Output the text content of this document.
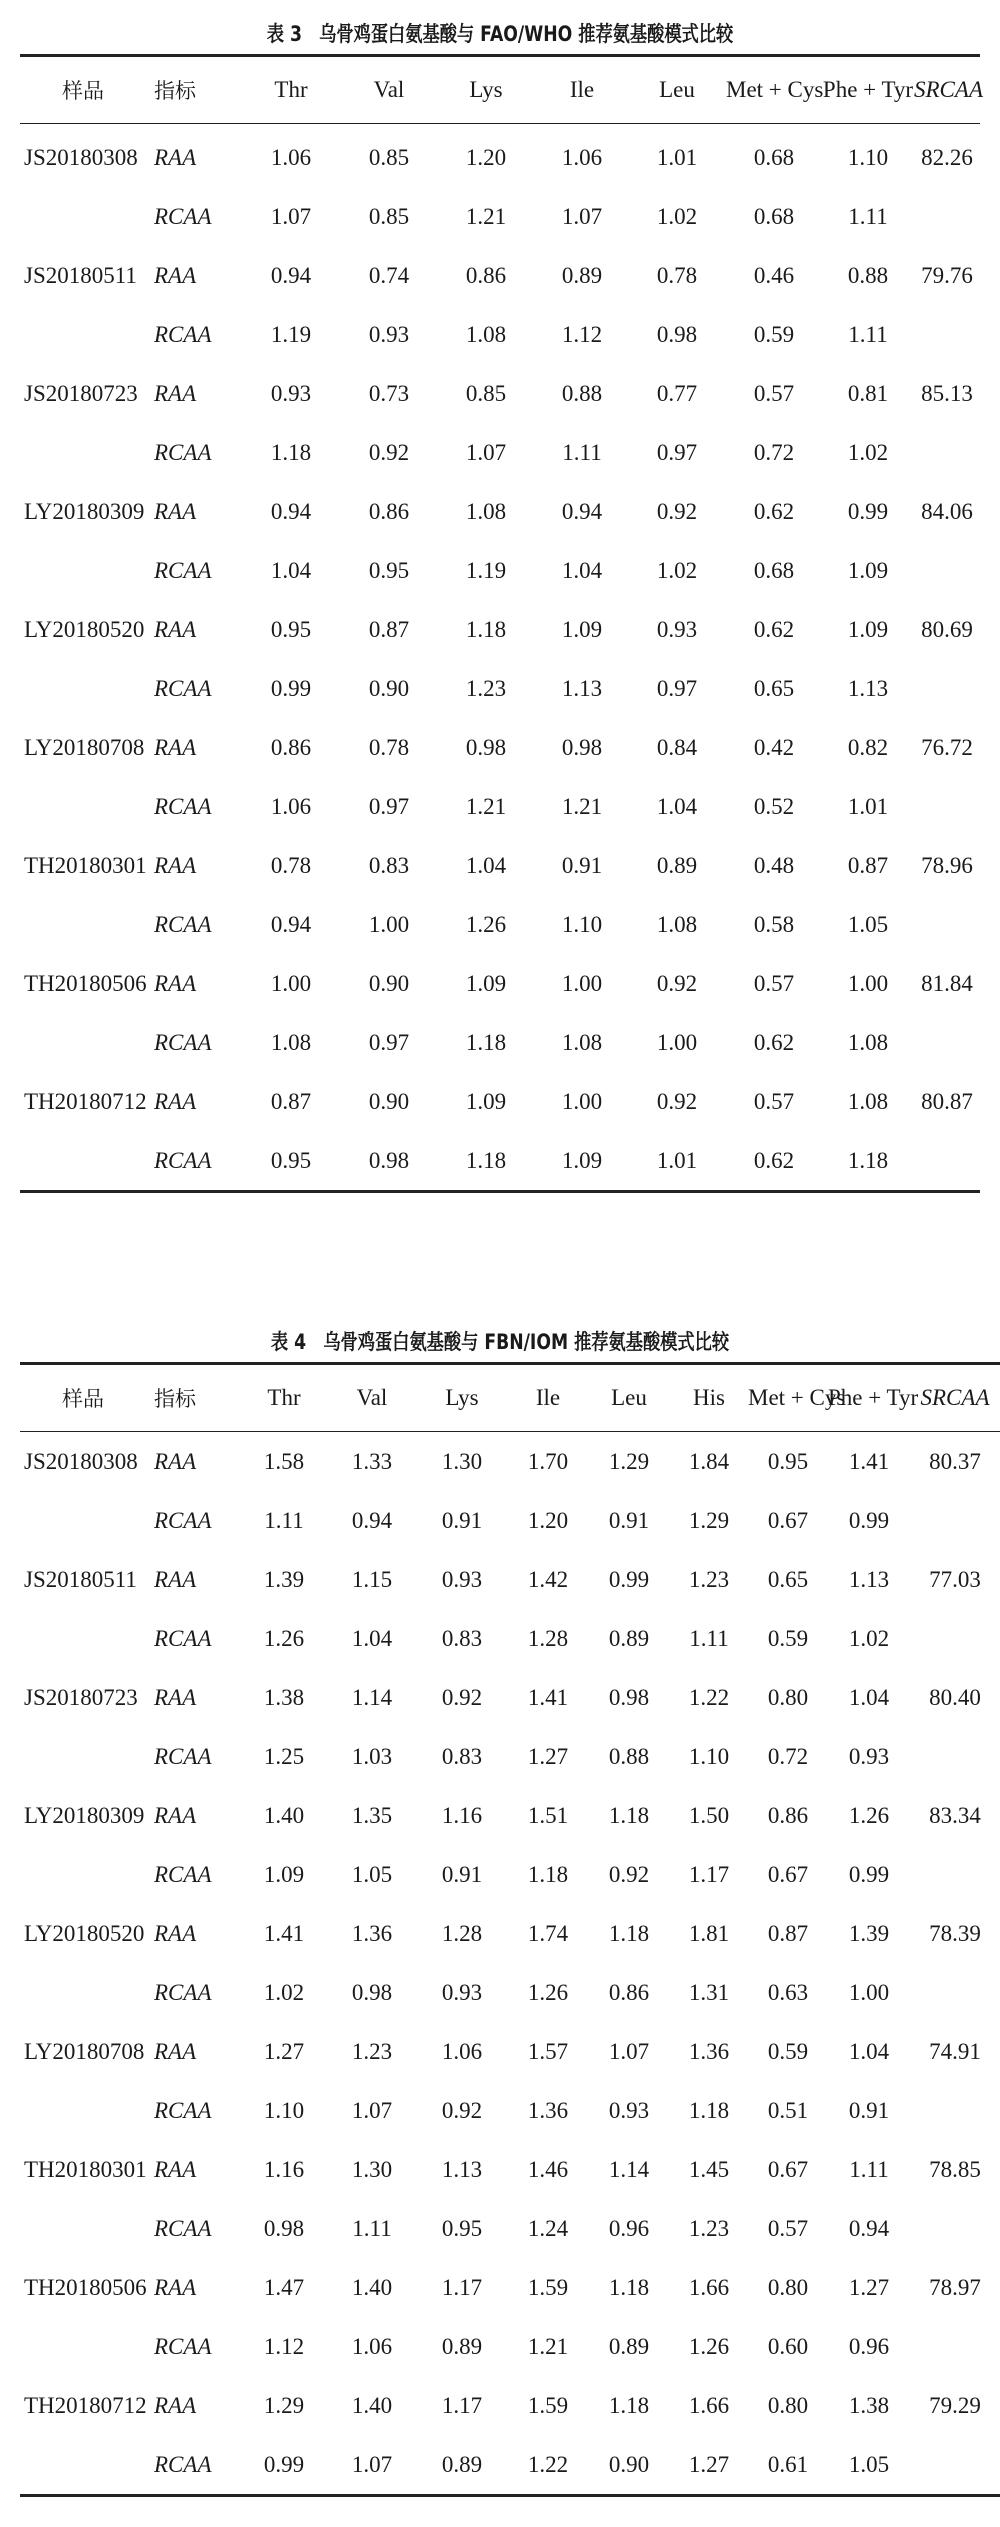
表 3　乌骨鸡蛋白氨基酸与 FAO/WHO 推荐氨基酸模式比较
样品	指标	Thr	Val	Lys	Ile	Leu	Met + Cys	Phe + Tyr	SRCAA
JS20180308	RAA	1.06	0.85	1.20	1.06	1.01	0.68	1.10	82.26
	RCAA	1.07	0.85	1.21	1.07	1.02	0.68	1.11	
JS20180511	RAA	0.94	0.74	0.86	0.89	0.78	0.46	0.88	79.76
	RCAA	1.19	0.93	1.08	1.12	0.98	0.59	1.11	
JS20180723	RAA	0.93	0.73	0.85	0.88	0.77	0.57	0.81	85.13
	RCAA	1.18	0.92	1.07	1.11	0.97	0.72	1.02	
LY20180309	RAA	0.94	0.86	1.08	0.94	0.92	0.62	0.99	84.06
	RCAA	1.04	0.95	1.19	1.04	1.02	0.68	1.09	
LY20180520	RAA	0.95	0.87	1.18	1.09	0.93	0.62	1.09	80.69
	RCAA	0.99	0.90	1.23	1.13	0.97	0.65	1.13	
LY20180708	RAA	0.86	0.78	0.98	0.98	0.84	0.42	0.82	76.72
	RCAA	1.06	0.97	1.21	1.21	1.04	0.52	1.01	
TH20180301	RAA	0.78	0.83	1.04	0.91	0.89	0.48	0.87	78.96
	RCAA	0.94	1.00	1.26	1.10	1.08	0.58	1.05	
TH20180506	RAA	1.00	0.90	1.09	1.00	0.92	0.57	1.00	81.84
	RCAA	1.08	0.97	1.18	1.08	1.00	0.62	1.08	
TH20180712	RAA	0.87	0.90	1.09	1.00	0.92	0.57	1.08	80.87
	RCAA	0.95	0.98	1.18	1.09	1.01	0.62	1.18	
表 4　乌骨鸡蛋白氨基酸与 FBN/IOM 推荐氨基酸模式比较
样品	指标	Thr	Val	Lys	Ile	Leu	His	Met + Cys	Phe + Tyr	SRCAA
JS20180308	RAA	1.58	1.33	1.30	1.70	1.29	1.84	0.95	1.41	80.37
	RCAA	1.11	0.94	0.91	1.20	0.91	1.29	0.67	0.99	
JS20180511	RAA	1.39	1.15	0.93	1.42	0.99	1.23	0.65	1.13	77.03
	RCAA	1.26	1.04	0.83	1.28	0.89	1.11	0.59	1.02	
JS20180723	RAA	1.38	1.14	0.92	1.41	0.98	1.22	0.80	1.04	80.40
	RCAA	1.25	1.03	0.83	1.27	0.88	1.10	0.72	0.93	
LY20180309	RAA	1.40	1.35	1.16	1.51	1.18	1.50	0.86	1.26	83.34
	RCAA	1.09	1.05	0.91	1.18	0.92	1.17	0.67	0.99	
LY20180520	RAA	1.41	1.36	1.28	1.74	1.18	1.81	0.87	1.39	78.39
	RCAA	1.02	0.98	0.93	1.26	0.86	1.31	0.63	1.00	
LY20180708	RAA	1.27	1.23	1.06	1.57	1.07	1.36	0.59	1.04	74.91
	RCAA	1.10	1.07	0.92	1.36	0.93	1.18	0.51	0.91	
TH20180301	RAA	1.16	1.30	1.13	1.46	1.14	1.45	0.67	1.11	78.85
	RCAA	0.98	1.11	0.95	1.24	0.96	1.23	0.57	0.94	
TH20180506	RAA	1.47	1.40	1.17	1.59	1.18	1.66	0.80	1.27	78.97
	RCAA	1.12	1.06	0.89	1.21	0.89	1.26	0.60	0.96	
TH20180712	RAA	1.29	1.40	1.17	1.59	1.18	1.66	0.80	1.38	79.29
	RCAA	0.99	1.07	0.89	1.22	0.90	1.27	0.61	1.05	
